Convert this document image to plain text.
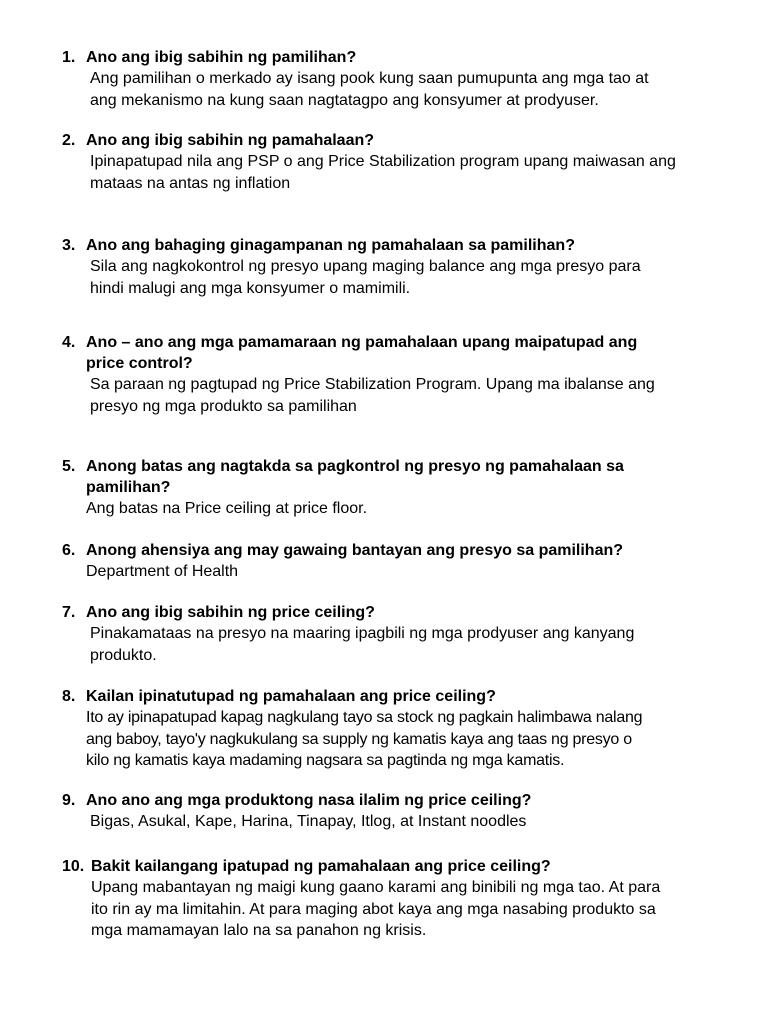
1. Ano ang ibig sabihin ng pamilihan?
Ang pamilihan o merkado ay isang pook kung saan pumupunta ang mga tao at
ang mekanismo na kung saan nagtatagpo ang konsyumer at prodyuser.
2. Ano ang ibig sabihin ng pamahalaan?
Ipinapatupad nila ang PSP o ang Price Stabilization program upang maiwasan ang
mataas na antas ng inflation
3. Ano ang bahaging ginagampanan ng pamahalaan sa pamilihan?
Sila ang nagkokontrol ng presyo upang maging balance ang mga presyo para
hindi malugi ang mga konsyumer o mamimili.
4. Ano – ano ang mga pamamaraan ng pamahalaan upang maipatupad ang
price control?
Sa paraan ng pagtupad ng Price Stabilization Program. Upang ma ibalanse ang
presyo ng mga produkto sa pamilihan
5. Anong batas ang nagtakda sa pagkontrol ng presyo ng pamahalaan sa
pamilihan?
Ang batas na Price ceiling at price floor.
6. Anong ahensiya ang may gawaing bantayan ang presyo sa pamilihan?
Department of Health
7. Ano ang ibig sabihin ng price ceiling?
Pinakamataas na presyo na maaring ipagbili ng mga prodyuser ang kanyang
produkto.
8. Kailan ipinatutupad ng pamahalaan ang price ceiling?
Ito ay ipinapatupad kapag nagkulang tayo sa stock ng pagkain halimbawa nalang
ang baboy, tayo'y nagkukulang sa supply ng kamatis kaya ang taas ng presyo o
kilo ng kamatis kaya madaming nagsara sa pagtinda ng mga kamatis.
9. Ano ano ang mga produktong nasa ilalim ng price ceiling?
Bigas, Asukal, Kape, Harina, Tinapay, Itlog, at Instant noodles
10. Bakit kailangang ipatupad ng pamahalaan ang price ceiling?
Upang mabantayan ng maigi kung gaano karami ang binibili ng mga tao. At para
ito rin ay ma limitahin. At para maging abot kaya ang mga nasabing produkto sa
mga mamamayan lalo na sa panahon ng krisis.
